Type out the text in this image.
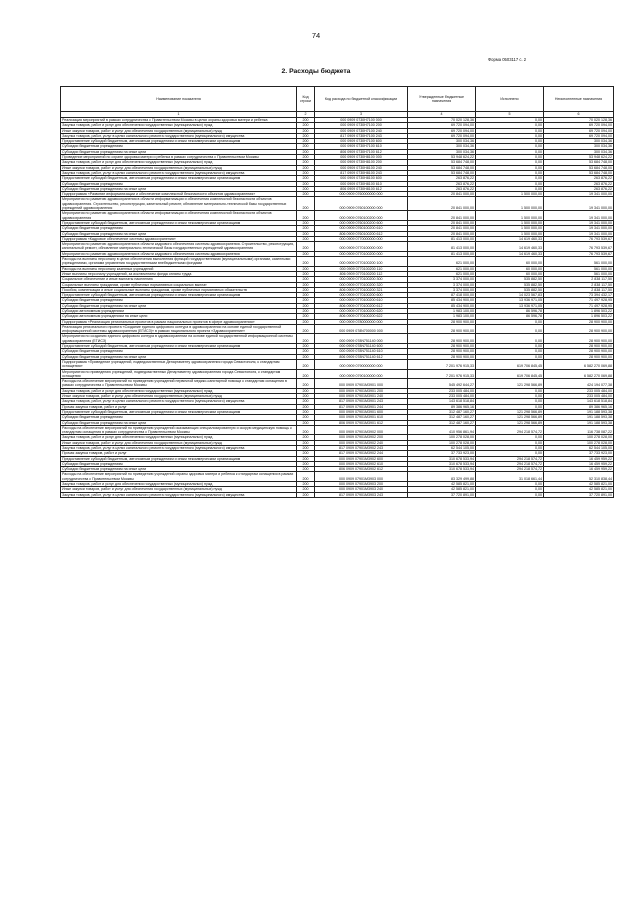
74
Форма 0503117 с. 2
2. Расходы бюджета
Наименование показателя	Код строки	Код расхода по бюджетной классификации	Утвержденные бюджетные назначения	Исполнено	Неисполненные назначения
1	2	3	4	5	6
Реализация мероприятий в рамках сотрудничества с Правительством Москвы в целях охраны здоровья матери и ребенка	200	000 0909 0730Н7100 000	70 020 128,36	0,00	70 020 128,36
Закупка товаров, работ и услуг для обеспечения государственных (муниципальных) нужд	200	000 0909 0730Н7100 200	69 720 094,00	0,00	69 720 094,00
Иные закупки товаров, работ и услуг для обеспечения государственных (муниципальных) нужд	200	000 0909 0730Н7100 240	69 720 094,00	0,00	69 720 094,00
Закупка товаров, работ, услуг в целях капитального ремонта государственного (муниципального) имущества	200	817 0909 0730Н7100 243	69 720 094,00	0,00	69 720 094,00
Предоставление субсидий бюджетным, автономным учреждениям и иным некоммерческим организациям	200	000 0909 0730Н7100 600	300 034,36	0,00	300 034,36
Субсидии бюджетным учреждениям	200	000 0909 0730Н7100 610	300 034,36	0,00	300 034,36
Субсидии бюджетным учреждениям на иные цели	200	806 0909 0730Н7100 612	300 034,36	0,00	300 034,36
Проведение мероприятий по охране здоровья матери и ребенка в рамках сотрудничества с Правительством Москвы	200	000 0909 0730Н8100 000	53 948 624,22	0,00	53 948 624,22
Закупка товаров, работ и услуг для обеспечения государственных (муниципальных) нужд	200	000 0909 0730Н8100 200	53 684 748,00	0,00	53 684 748,00
Иные закупки товаров, работ и услуг для обеспечения государственных (муниципальных) нужд	200	000 0909 0730Н8100 240	53 684 748,00	0,00	53 684 748,00
Закупка товаров, работ, услуг в целях капитального ремонта государственного (муниципального) имущества	200	817 0909 0730Н8100 243	53 684 748,00	0,00	53 684 748,00
Предоставление субсидий бюджетным, автономным учреждениям и иным некоммерческим организациям	200	000 0909 0730Н8100 600	263 876,22	0,00	263 876,22
Субсидии бюджетным учреждениям	200	000 0909 0730Н8100 610	263 876,22	0,00	263 876,22
Субсидии бюджетным учреждениям на иные цели	200	806 0909 0730Н8100 612	263 876,22	0,00	263 876,22
Подпрограмма «Развитие информатизации и обеспечение комплексной безопасности объектов здравоохранения»	200	000 0909 0760000000 000	20 841 000,00	1 500 000,00	19 341 000,00
Мероприятия по развитию здравоохранения в области информатизации и обеспечения комплексной безопасности объектов здравоохранения. Строительство, реконструкция, капитальный ремонт, обновление материально-технической базы государственных учреждений здравоохранения	200	000 0909 0760100000 000	20 841 000,00	1 500 000,00	19 341 000,00
Мероприятия по развитию здравоохранения в области информатизации и обеспечения комплексной безопасности объектов здравоохранения	200	000 0909 0760100200 000	20 841 000,00	1 500 000,00	19 341 000,00
Предоставление субсидий бюджетным, автономным учреждениям и иным некоммерческим организациям	200	000 0909 0760100200 600	20 841 000,00	1 500 000,00	19 341 000,00
Субсидии бюджетным учреждениям	200	000 0909 0760100200 610	20 841 000,00	1 500 000,00	19 341 000,00
Субсидии бюджетным учреждениям на иные цели	200	806 0909 0760100200 612	20 841 000,00	1 500 000,00	19 341 000,00
Подпрограмма «Кадровое обеспечение системы здравоохранения»	200	000 0909 0770000000 000	81 413 000,00	14 619 460,33	76 793 539,67
Мероприятия по развитию здравоохранения в области кадрового обеспечения системы здравоохранения. Строительство, реконструкция, капитальный ремонт, обновление материально-технической базы государственных учреждений здравоохранения	200	000 0909 0770100000 000	81 413 000,00	14 619 460,33	76 793 539,67
Мероприятия по развитию здравоохранения в области кадрового обеспечения системы здравоохранения	200	000 0909 0770100200 000	81 413 000,00	14 619 460,33	76 793 539,67
Расходы на выплаты персоналу в целях обеспечения выполнения функций государственными (муниципальными) органами, казенными учреждениями, органами управления государственными внебюджетными фондами	200	000 0909 0770100200 100	621 000,00	60 000,00	561 000,00
Расходы на выплаты персоналу казенных учреждений	200	000 0909 0770100200 110	621 000,00	60 000,00	561 000,00
Иные выплаты персоналу учреждений, за исключением фонда оплаты труда	200	806 0909 0770100200 112	621 000,00	60 000,00	561 000,00
Социальное обеспечение и иные выплаты населению	200	000 0909 0770100200 300	3 374 000,00	535 882,50	2 838 117,50
Социальные выплаты гражданам, кроме публичных нормативных социальных выплат	200	000 0909 0770100200 320	3 374 000,00	535 882,50	2 838 117,50
Пособия, компенсации и иные социальные выплаты гражданам, кроме публичных нормативных обязательств	200	806 0909 0770100200 321	3 374 000,00	535 882,50	2 838 117,50
Предоставление субсидий бюджетным, автономным учреждениям и иным некоммерческим организациям	200	000 0909 0770100200 600	87 418 000,00	14 023 567,83	73 394 432,17
Субсидии бюджетным учреждениям	200	000 0909 0770100200 610	85 434 900,00	13 936 971,05	71 497 928,95
Субсидии бюджетным учреждениям на иные цели	200	806 0909 0770100200 612	85 434 900,00	13 936 971,05	71 497 928,95
Субсидии автономным учреждениям	200	000 0909 0770100200 620	1 983 100,00	86 596,78	1 896 503,22
Субсидии автономным учреждениям на иные цели	200	806 0909 0770100200 622	1 983 100,00	86 596,78	1 896 503,22
Подпрограмма «Реализация региональных проектов в рамках национальных проектов в сфере здравоохранения»	200	000 0909 0780000000 000	28 900 900,00	0,00	28 900 900,00
Реализация регионального проекта «Создание единого цифрового контура в здравоохранении на основе единой государственной информационной системы здравоохранения (ЕГИСЗ)» в рамках национального проекта «Здравоохранение»	200	000 0909 078N700000 000	28 900 900,00	0,00	28 900 900,00
Мероприятия по созданию единого цифрового контура в здравоохранении на основе единой государственной информационной системы здравоохранения (ЕГИСЗ)	200	000 0909 078N751140 000	28 900 900,00	0,00	28 900 900,00
Предоставление субсидий бюджетным, автономным учреждениям и иным некоммерческим организациям	200	000 0909 078N751140 600	28 900 900,00	0,00	28 900 900,00
Субсидии бюджетным учреждениям	200	000 0909 078N751140 610	28 900 900,00	0,00	28 900 900,00
Субсидии бюджетным учреждениям на иные цели	200	806 0909 078N751140 612	28 900 900,00	0,00	28 900 900,00
Подпрограмма «Приведение учреждений, подведомственных Департаменту здравоохранения города Севастополя, к стандартам оснащения»	200	000 0909 0790000000 000	7 201 976 915,33	619 706 845,45	6 582 270 069,88
Мероприятия по приведению учреждений, подведомственных Департаменту здравоохранения города Севастополя, к стандартам оснащения	200	000 0909 0790100000 000	7 201 976 915,33	619 706 845,45	6 582 270 069,88
Расходы на обеспечение мероприятий по приведению учреждений первичной медико-санитарной помощи к стандартам оснащения в рамках сотрудничества с Правительством Москвы	200	000 0909 07901М3901 000	545 492 644,27	121 298 566,89	424 194 077,38
Закупка товаров, работ и услуг для обеспечения государственных (муниципальных) нужд	200	000 0909 07901М3901 200	233 005 484,00	0,00	233 005 484,00
Иные закупки товаров, работ и услуг для обеспечения государственных (муниципальных) нужд	200	000 0909 07901М3901 240	233 005 484,00	0,00	233 005 484,00
Закупка товаров, работ, услуг в целях капитального ремонта государственного (муниципального) имущества	200	817 0909 07901М3901 243	143 618 518,84	0,00	143 618 518,84
Прочая закупка товаров, работ и услуг	200	817 0909 07901М3901 244	89 386 965,16	0,00	89 386 965,16
Предоставление субсидий бюджетным, автономным учреждениям и иным некоммерческим организациям	200	000 0909 07901М3901 600	312 487 160,27	121 298 566,89	191 188 593,38
Субсидии бюджетным учреждениям	200	000 0909 07901М3901 610	312 487 160,27	121 298 566,89	191 188 593,38
Субсидии бюджетным учреждениям на иные цели	200	806 0909 07901М3901 612	312 487 160,27	121 298 566,89	191 188 593,38
Расходы на обеспечение мероприятий по приведению учреждений оказывающих специализированную и скорую медицинскую помощь к стандартам оснащения в рамках сотрудничества с Правительством Москвы	200	000 0909 07901М3902 000	410 956 861,94	294 218 574,72	116 738 087,22
Закупка товаров, работ и услуг для обеспечения государственных (муниципальных) нужд	200	000 0909 07901М3902 200	100 278 028,00	0,00	100 278 028,00
Иные закупки товаров, работ и услуг для обеспечения государственных (муниципальных) нужд	200	000 0909 07901М3902 240	100 278 028,00	0,00	100 278 028,00
Закупка товаров, работ, услуг в целях капитального ремонта государственного (муниципального) имущества	200	817 0909 07901М3902 243	62 544 105,00	0,00	62 544 105,00
Прочая закупка товаров, работ и услуг	200	817 0909 07901М3902 244	37 733 923,00	0,00	37 733 923,00
Предоставление субсидий бюджетным, автономным учреждениям и иным некоммерческим организациям	200	000 0909 07901М3902 600	310 678 533,94	294 218 574,72	16 459 959,22
Субсидии бюджетным учреждениям	200	000 0909 07901М3902 610	310 678 533,94	294 218 574,72	16 459 959,22
Субсидии бюджетным учреждениям на иные цели	200	806 0909 07901М3902 612	310 678 533,94	294 218 574,72	16 459 959,22
Расходы на обеспечение мероприятий по приведению учреждений охраны здоровья матери и ребенка к стандартам оснащения в рамках сотрудничества с Правительством Москвы	200	000 0909 07901М3903 000	83 329 499,88	31 018 661,44	52 310 838,44
Закупка товаров, работ и услуг для обеспечения государственных (муниципальных) нужд	200	000 0909 07901М3903 200	42 585 821,00	0,00	42 585 821,00
Иные закупки товаров, работ и услуг для обеспечения государственных (муниципальных) нужд	200	000 0909 07901М3903 240	42 585 821,00	0,00	42 585 821,00
Закупка товаров, работ, услуг в целях капитального ремонта государственного (муниципального) имущества	200	817 0909 07901М3903 243	37 720 891,00	0,00	37 720 891,00
